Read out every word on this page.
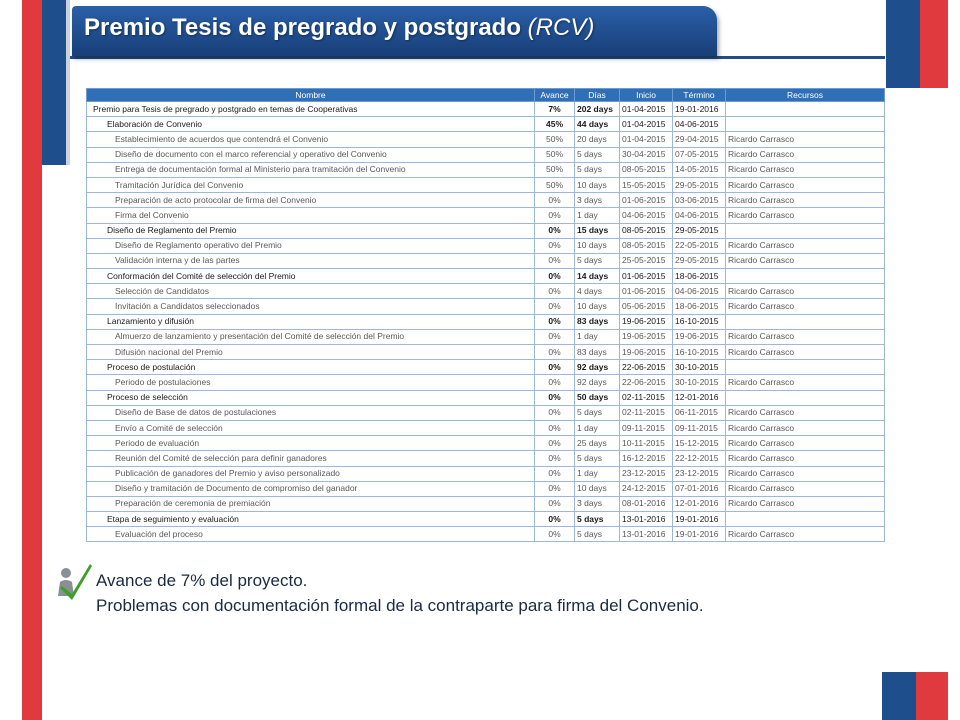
Premio Tesis de pregrado y postgrado (RCV)
Nombre	Avance	Días	Inicio	Término	Recursos
Premio para Tesis de pregrado y postgrado en temas de Cooperativas	7%	202 days	01-04-2015	19-01-2016	
Elaboración de Convenio	45%	44 days	01-04-2015	04-06-2015	
Establecimiento de acuerdos que contendrá el Convenio	50%	20 days	01-04-2015	29-04-2015	Ricardo Carrasco
Diseño de documento con el marco referencial y operativo del Convenio	50%	5 days	30-04-2015	07-05-2015	Ricardo Carrasco
Entrega de documentación formal al Ministerio para tramitación del Convenio	50%	5 days	08-05-2015	14-05-2015	Ricardo Carrasco
Tramitación Jurídica del Convenio	50%	10 days	15-05-2015	29-05-2015	Ricardo Carrasco
Preparación de acto protocolar de firma del Convenio	0%	3 days	01-06-2015	03-06-2015	Ricardo Carrasco
Firma del Convenio	0%	1 day	04-06-2015	04-06-2015	Ricardo Carrasco
Diseño de Reglamento del Premio	0%	15 days	08-05-2015	29-05-2015	
Diseño de Reglamento operativo del Premio	0%	10 days	08-05-2015	22-05-2015	Ricardo Carrasco
Validación interna y de las partes	0%	5 days	25-05-2015	29-05-2015	Ricardo Carrasco
Conformación del Comité de selección del Premio	0%	14 days	01-06-2015	18-06-2015	
Selección de Candidatos	0%	4 days	01-06-2015	04-06-2015	Ricardo Carrasco
Invitación a Candidatos seleccionados	0%	10 days	05-06-2015	18-06-2015	Ricardo Carrasco
Lanzamiento y difusión	0%	83 days	19-06-2015	16-10-2015	
Almuerzo de lanzamiento y presentación del Comité de selección del Premio	0%	1 day	19-06-2015	19-06-2015	Ricardo Carrasco
Difusión nacional del Premio	0%	83 days	19-06-2015	16-10-2015	Ricardo Carrasco
Proceso de postulación	0%	92 days	22-06-2015	30-10-2015	
Periodo de postulaciones	0%	92 days	22-06-2015	30-10-2015	Ricardo Carrasco
Proceso de selección	0%	50 days	02-11-2015	12-01-2016	
Diseño de Base de datos de postulaciones	0%	5 days	02-11-2015	06-11-2015	Ricardo Carrasco
Envío a Comité de selección	0%	1 day	09-11-2015	09-11-2015	Ricardo Carrasco
Periodo de evaluación	0%	25 days	10-11-2015	15-12-2015	Ricardo Carrasco
Reunión del Comité de selección para definir ganadores	0%	5 days	16-12-2015	22-12-2015	Ricardo Carrasco
Publicación de ganadores del Premio y aviso personalizado	0%	1 day	23-12-2015	23-12-2015	Ricardo Carrasco
Diseño y tramitación de Documento de compromiso del ganador	0%	10 days	24-12-2015	07-01-2016	Ricardo Carrasco
Preparación de ceremonia de premiación	0%	3 days	08-01-2016	12-01-2016	Ricardo Carrasco
Etapa de seguimiento y evaluación	0%	5 days	13-01-2016	19-01-2016	
Evaluación del proceso	0%	5 days	13-01-2016	19-01-2016	Ricardo Carrasco
Avance de 7% del proyecto.
Problemas con documentación formal de la contraparte para firma del Convenio.
